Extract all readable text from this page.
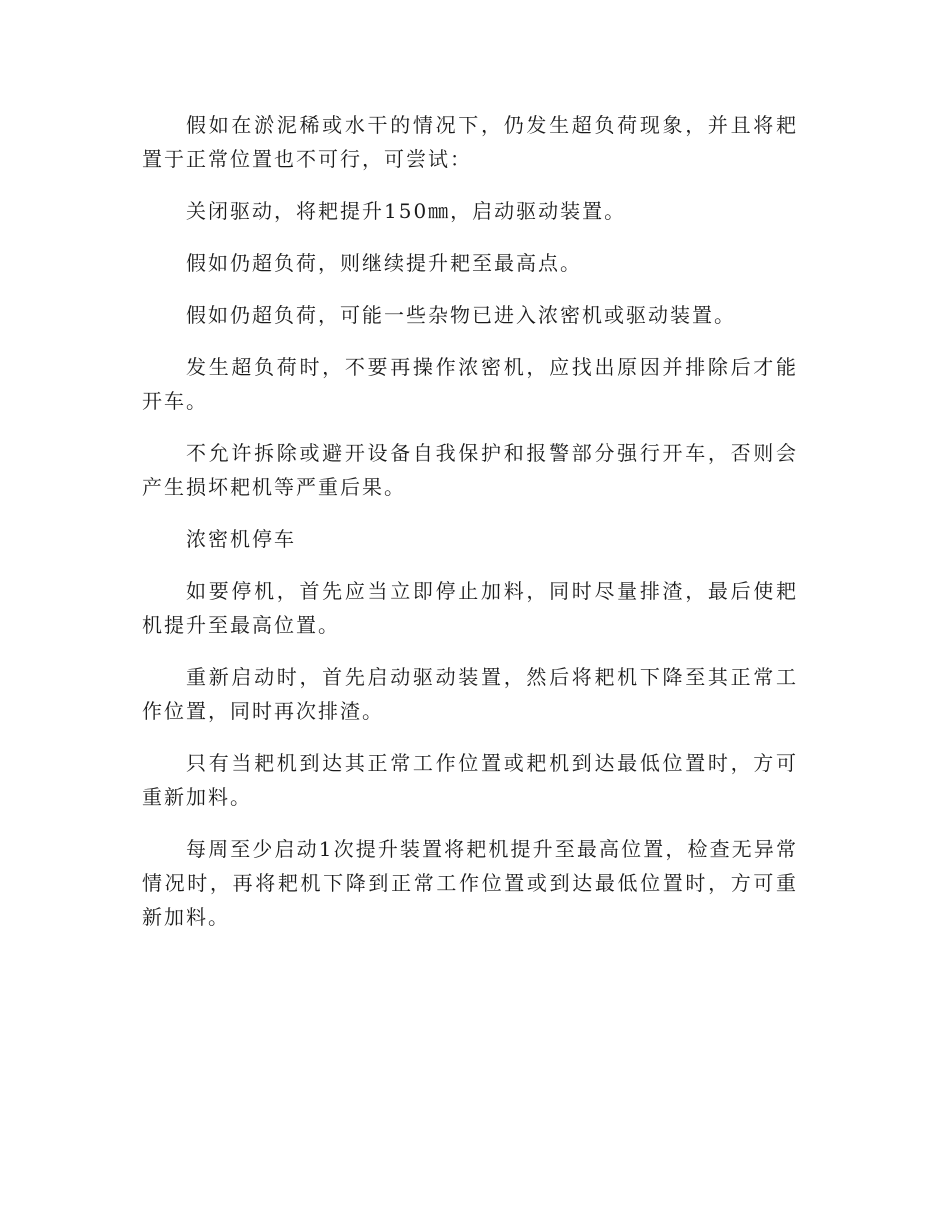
假如在淤泥稀或水干的情况下，仍发生超负荷现象，并且将耙置于正常位置也不可行，可尝试：

关闭驱动，将耙提升150㎜，启动驱动装置。

假如仍超负荷，则继续提升耙至最高点。

假如仍超负荷，可能一些杂物已进入浓密机或驱动装置。

发生超负荷时，不要再操作浓密机，应找出原因并排除后才能开车。

不允许拆除或避开设备自我保护和报警部分强行开车，否则会产生损坏耙机等严重后果。

浓密机停车

如要停机，首先应当立即停止加料，同时尽量排渣，最后使耙机提升至最高位置。

重新启动时，首先启动驱动装置，然后将耙机下降至其正常工作位置，同时再次排渣。

只有当耙机到达其正常工作位置或耙机到达最低位置时，方可重新加料。

每周至少启动1次提升装置将耙机提升至最高位置，检查无异常情况时，再将耙机下降到正常工作位置或到达最低位置时，方可重新加料。
